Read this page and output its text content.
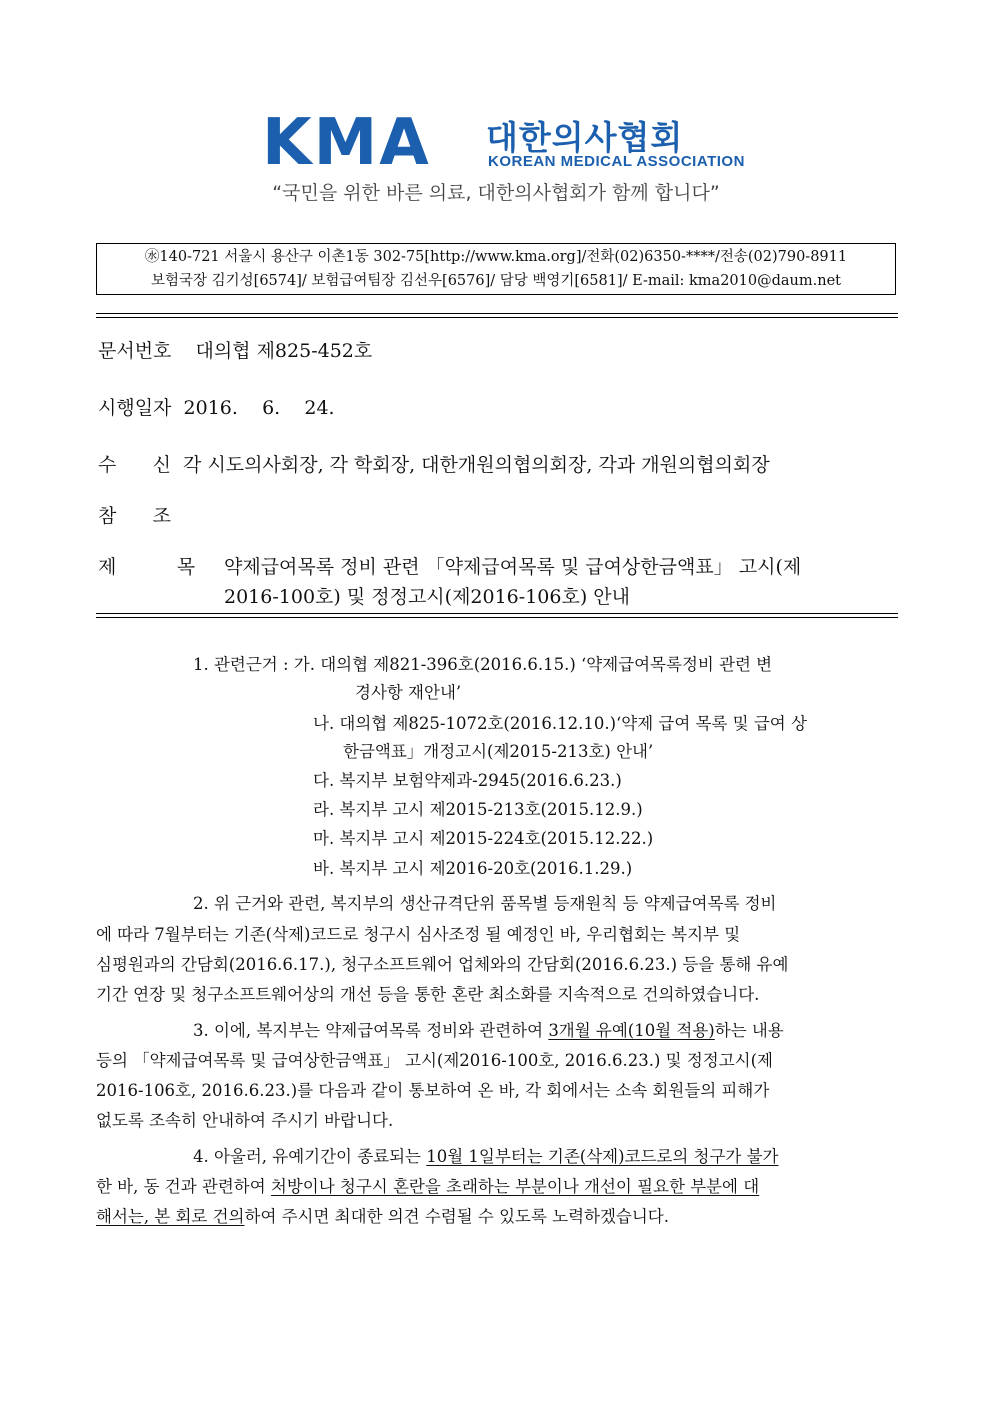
KMA	대한의사협회
KOREAN MEDICAL ASSOCIATION
“국민을 위한 바른 의료, 대한의사협회가 함께 합니다”
㊌140-721 서울시 용산구 이촌1동 302-75[http://www.kma.org]/전화(02)6350-****/전송(02)790-8911
보험국장 김기성[6574]/ 보험급여팀장 김선우[6576]/ 담당 백영기[6581]/ E-mail: kma2010@daum.net
문서번호 대의협 제825-452호
시행일자 2016.    6.    24.
수      신 각 시도의사회장, 각 학회장, 대한개원의협의회장, 각과 개원의협의회장
참      조
제          목 약제급여목록 정비 관련 「약제급여목록 및 급여상한금액표」 고시(제
2016-100호) 및 정정고시(제2016-106호) 안내
1. 관련근거 : 가. 대의협 제821-396호(2016.6.15.) ‘약제급여목록정비 관련 변
경사항 재안내’
나. 대의협 제825-1072호(2016.12.10.)‘약제 급여 목록 및 급여 상
한금액표」개정고시(제2015-213호) 안내’
다. 복지부 보험약제과-2945(2016.6.23.)
라. 복지부 고시 제2015-213호(2015.12.9.)
마. 복지부 고시 제2015-224호(2015.12.22.)
바. 복지부 고시 제2016-20호(2016.1.29.)
2. 위 근거와 관련, 복지부의 생산규격단위 품목별 등재원칙 등 약제급여목록 정비
에 따라 7월부터는 기존(삭제)코드로 청구시 심사조정 될 예정인 바, 우리협회는 복지부 및
심평원과의 간담회(2016.6.17.), 청구소프트웨어 업체와의 간담회(2016.6.23.) 등을 통해 유예
기간 연장 및 청구소프트웨어상의 개선 등을 통한 혼란 최소화를 지속적으로 건의하였습니다.
3. 이에, 복지부는 약제급여목록 정비와 관련하여 3개월 유예(10월 적용)하는 내용
등의 「약제급여목록 및 급여상한금액표」 고시(제2016-100호, 2016.6.23.) 및 정정고시(제
2016-106호, 2016.6.23.)를 다음과 같이 통보하여 온 바, 각 회에서는 소속 회원들의 피해가
없도록 조속히 안내하여 주시기 바랍니다.
4. 아울러, 유예기간이 종료되는 10월 1일부터는 기존(삭제)코드로의 청구가 불가
한 바, 동 건과 관련하여 처방이나 청구시 혼란을 초래하는 부분이나 개선이 필요한 부분에 대
해서는, 본 회로 건의하여 주시면 최대한 의견 수렴될 수 있도록 노력하겠습니다.
